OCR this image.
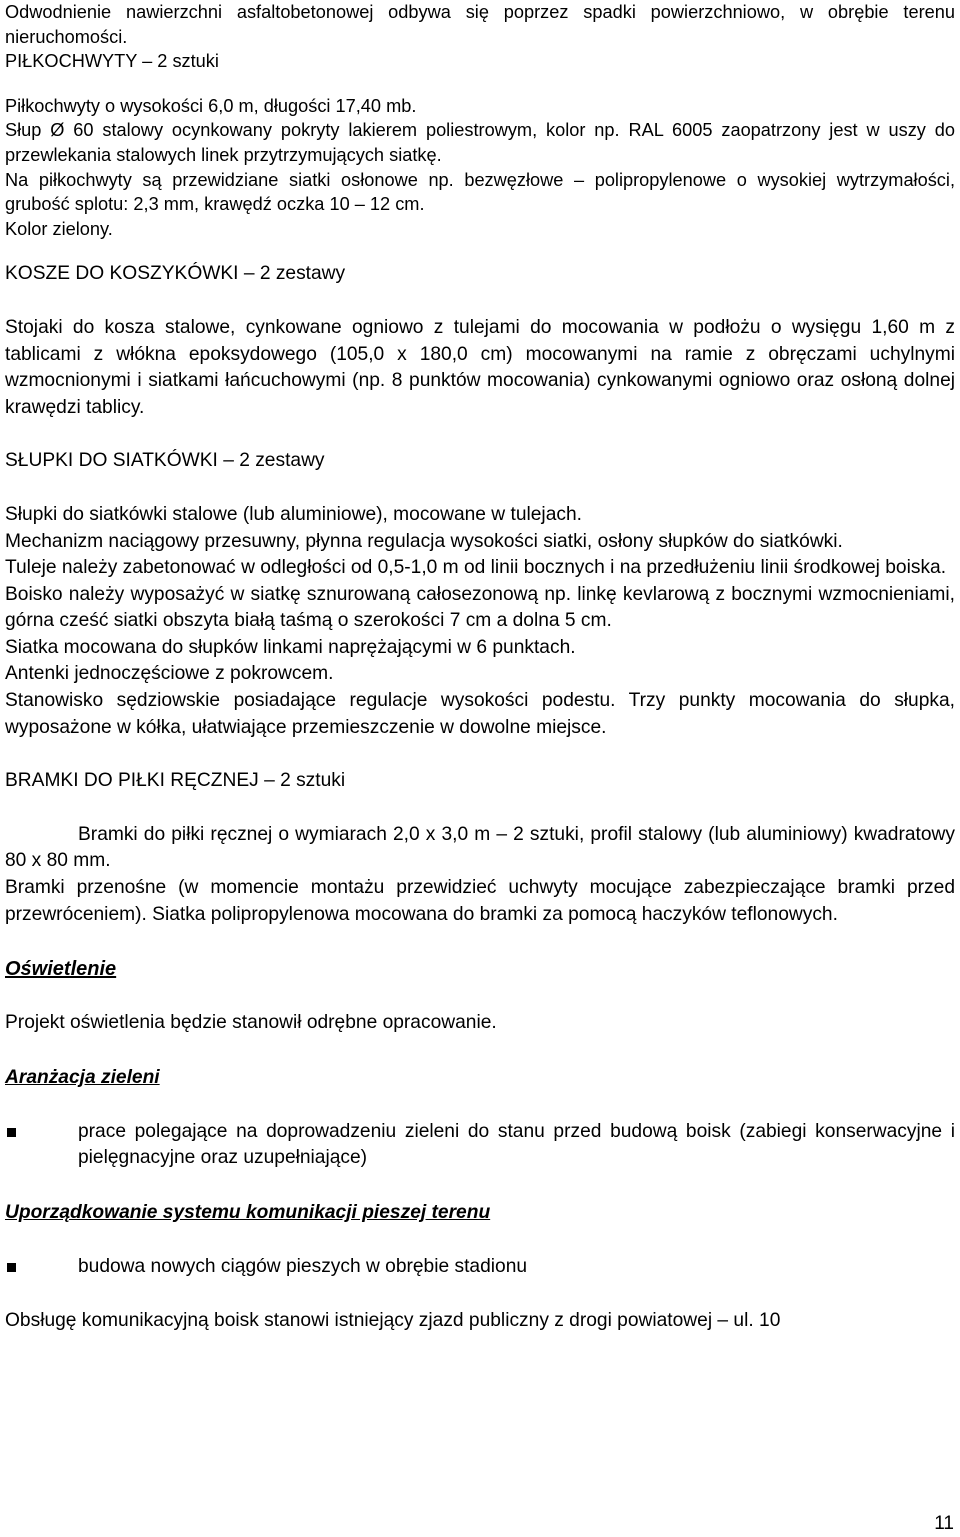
Odwodnienie nawierzchni asfaltobetonowej odbywa się poprzez spadki powierzchniowo, w obrębie terenu nieruchomości.

PIŁKOCHWYTY – 2 sztuki

Piłkochwyty o wysokości 6,0 m, długości 17,40 mb.

Słup Ø 60 stalowy ocynkowany pokryty lakierem poliestrowym, kolor np. RAL 6005 zaopatrzony jest w uszy do przewlekania stalowych linek przytrzymujących siatkę.

Na piłkochwyty są przewidziane siatki osłonowe np. bezwęzłowe – polipropylenowe o wysokiej wytrzymałości, grubość splotu: 2,3 mm, krawędź oczka 10 – 12 cm.

Kolor zielony.

KOSZE DO KOSZYKÓWKI – 2 zestawy

Stojaki do kosza stalowe, cynkowane ogniowo z tulejami do mocowania w podłożu o wysięgu 1,60 m z tablicami z włókna epoksydowego (105,0 x 180,0 cm) mocowanymi na ramie z obręczami uchylnymi wzmocnionymi i siatkami łańcuchowymi (np. 8 punktów mocowania) cynkowanymi ogniowo oraz osłoną dolnej krawędzi tablicy.

SŁUPKI DO SIATKÓWKI – 2 zestawy

Słupki do siatkówki stalowe (lub aluminiowe), mocowane w tulejach.

Mechanizm naciągowy przesuwny, płynna regulacja wysokości siatki, osłony słupków do siatkówki.

Tuleje należy zabetonować w odległości od 0,5-1,0 m od linii bocznych i na przedłużeniu linii środkowej boiska.

Boisko należy wyposażyć w siatkę sznurowaną całosezonową np. linkę kevlarową z bocznymi wzmocnieniami, górna cześć siatki obszyta białą taśmą o szerokości 7 cm a dolna 5 cm.

Siatka mocowana do słupków linkami naprężającymi w 6 punktach.

Antenki jednoczęściowe z pokrowcem.

Stanowisko sędziowskie posiadające regulacje wysokości podestu. Trzy punkty mocowania do słupka, wyposażone w kółka, ułatwiające przemieszczenie w dowolne miejsce.

BRAMKI DO PIŁKI RĘCZNEJ – 2 sztuki

Bramki do piłki ręcznej o wymiarach 2,0 x 3,0 m – 2 sztuki, profil stalowy (lub aluminiowy) kwadratowy 80 x 80 mm.

Bramki przenośne (w momencie montażu przewidzieć uchwyty mocujące zabezpieczające bramki przed przewróceniem). Siatka polipropylenowa mocowana do bramki za pomocą haczyków teflonowych.

Oświetlenie

Projekt oświetlenia będzie stanowił odrębne opracowanie.

Aranżacja zieleni

prace polegające na doprowadzeniu zieleni do stanu przed budową boisk (zabiegi konserwacyjne i pielęgnacyjne oraz uzupełniające)

Uporządkowanie systemu komunikacji pieszej terenu

budowa nowych ciągów pieszych w obrębie stadionu

Obsługę komunikacyjną boisk stanowi istniejący zjazd publiczny z drogi powiatowej – ul. 10

11
